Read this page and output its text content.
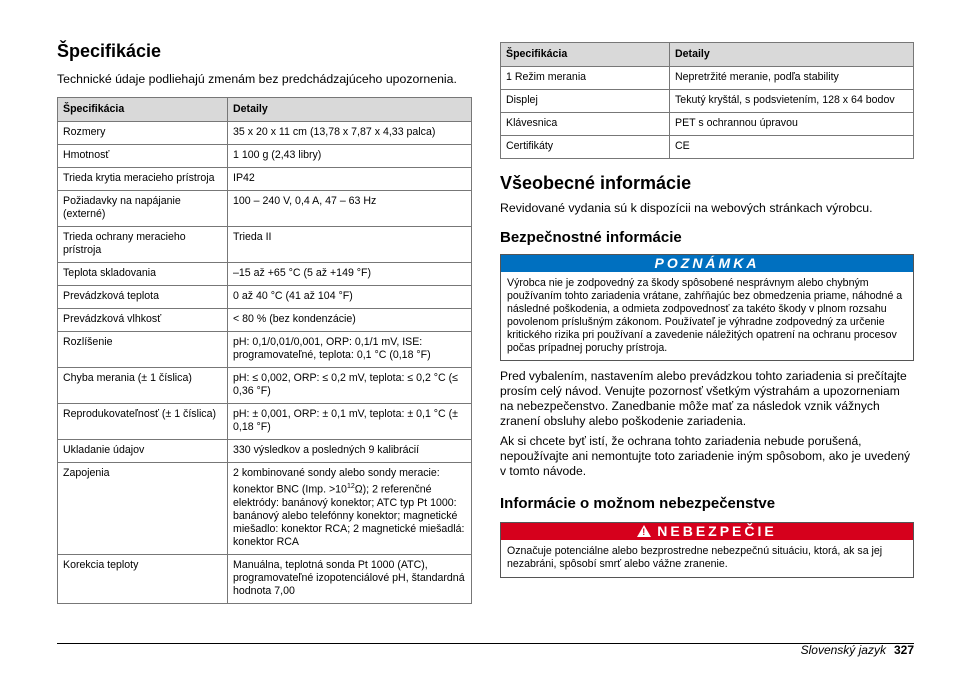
Špecifikácie

Technické údaje podliehajú zmenám bez predchádzajúceho upozornenia.

Špecifikácia	Detaily
Rozmery	35 x 20 x 11 cm (13,78 x 7,87 x 4,33 palca)
Hmotnosť	1 100 g (2,43 libry)
Trieda krytia meracieho prístroja	IP42
Požiadavky na napájanie (externé)	100 – 240 V, 0,4 A, 47 – 63 Hz
Trieda ochrany meracieho prístroja	Trieda II
Teplota skladovania	–15 až +65 °C (5 až +149 °F)
Prevádzková teplota	0 až 40 °C (41 až 104 °F)
Prevádzková vlhkosť	< 80 % (bez kondenzácie)
Rozlíšenie	pH: 0,1/0,01/0,001, ORP: 0,1/1 mV, ISE: programovateľné, teplota: 0,1 °C (0,18 °F)
Chyba merania (± 1 číslica)	pH: ≤ 0,002, ORP: ≤ 0,2 mV, teplota: ≤ 0,2 °C (≤ 0,36 °F)
Reprodukovateľnosť (± 1 číslica)	pH: ± 0,001, ORP: ± 0,1 mV, teplota: ± 0,1 °C (± 0,18 °F)
Ukladanie údajov	330 výsledkov a posledných 9 kalibrácií
Zapojenia	2 kombinované sondy alebo sondy meracie: konektor BNC (Imp. $>10^{12}\Omega$); 2 referenčné elektródy: banánový konektor; ATC typ Pt 1000: banánový alebo telefónny konektor; magnetické miešadlo: konektor RCA; 2 magnetické miešadlá: konektor RCA
Korekcia teploty	Manuálna, teplotná sonda Pt 1000 (ATC), programovateľné izopotenciálové pH, štandardná hodnota 7,00
Špecifikácia	Detaily
1 Režim merania	Nepretržité meranie, podľa stability
Displej	Tekutý kryštál, s podsvietením, 128 x 64 bodov
Klávesnica	PET s ochrannou úpravou
Certifikáty	CE
Všeobecné informácie

Revidované vydania sú k dispozícii na webových stránkach výrobcu.

Bezpečnostné informácie
POZNÁMKA
Výrobca nie je zodpovedný za škody spôsobené nesprávnym alebo chybným používaním tohto zariadenia vrátane, zahŕňajúc bez obmedzenia priame, náhodné a následné poškodenia, a odmieta zodpovednosť za takéto škody v plnom rozsahu povolenom príslušným zákonom. Používateľ je výhradne zodpovedný za určenie kritického rizika pri používaní a zavedenie náležitých opatrení na ochranu procesov počas prípadnej poruchy prístroja.

Pred vybalením, nastavením alebo prevádzkou tohto zariadenia si prečítajte prosím celý návod. Venujte pozornosť všetkým výstrahám a upozorneniam na nebezpečenstvo. Zanedbanie môže mať za následok vznik vážnych zranení obsluhy alebo poškodenie zariadenia.

Ak si chcete byť istí, že ochrana tohto zariadenia nebude porušená, nepoužívajte ani nemontujte toto zariadenie iným spôsobom, ako je uvedený v tomto návode.

Informácie o možnom nebezpečenstve
! NEBEZPEČIE
Označuje potenciálne alebo bezprostredne nebezpečnú situáciu, ktorá, ak sa jej nezabráni, spôsobí smrť alebo vážne zranenie.
Slovenský jazyk 327
